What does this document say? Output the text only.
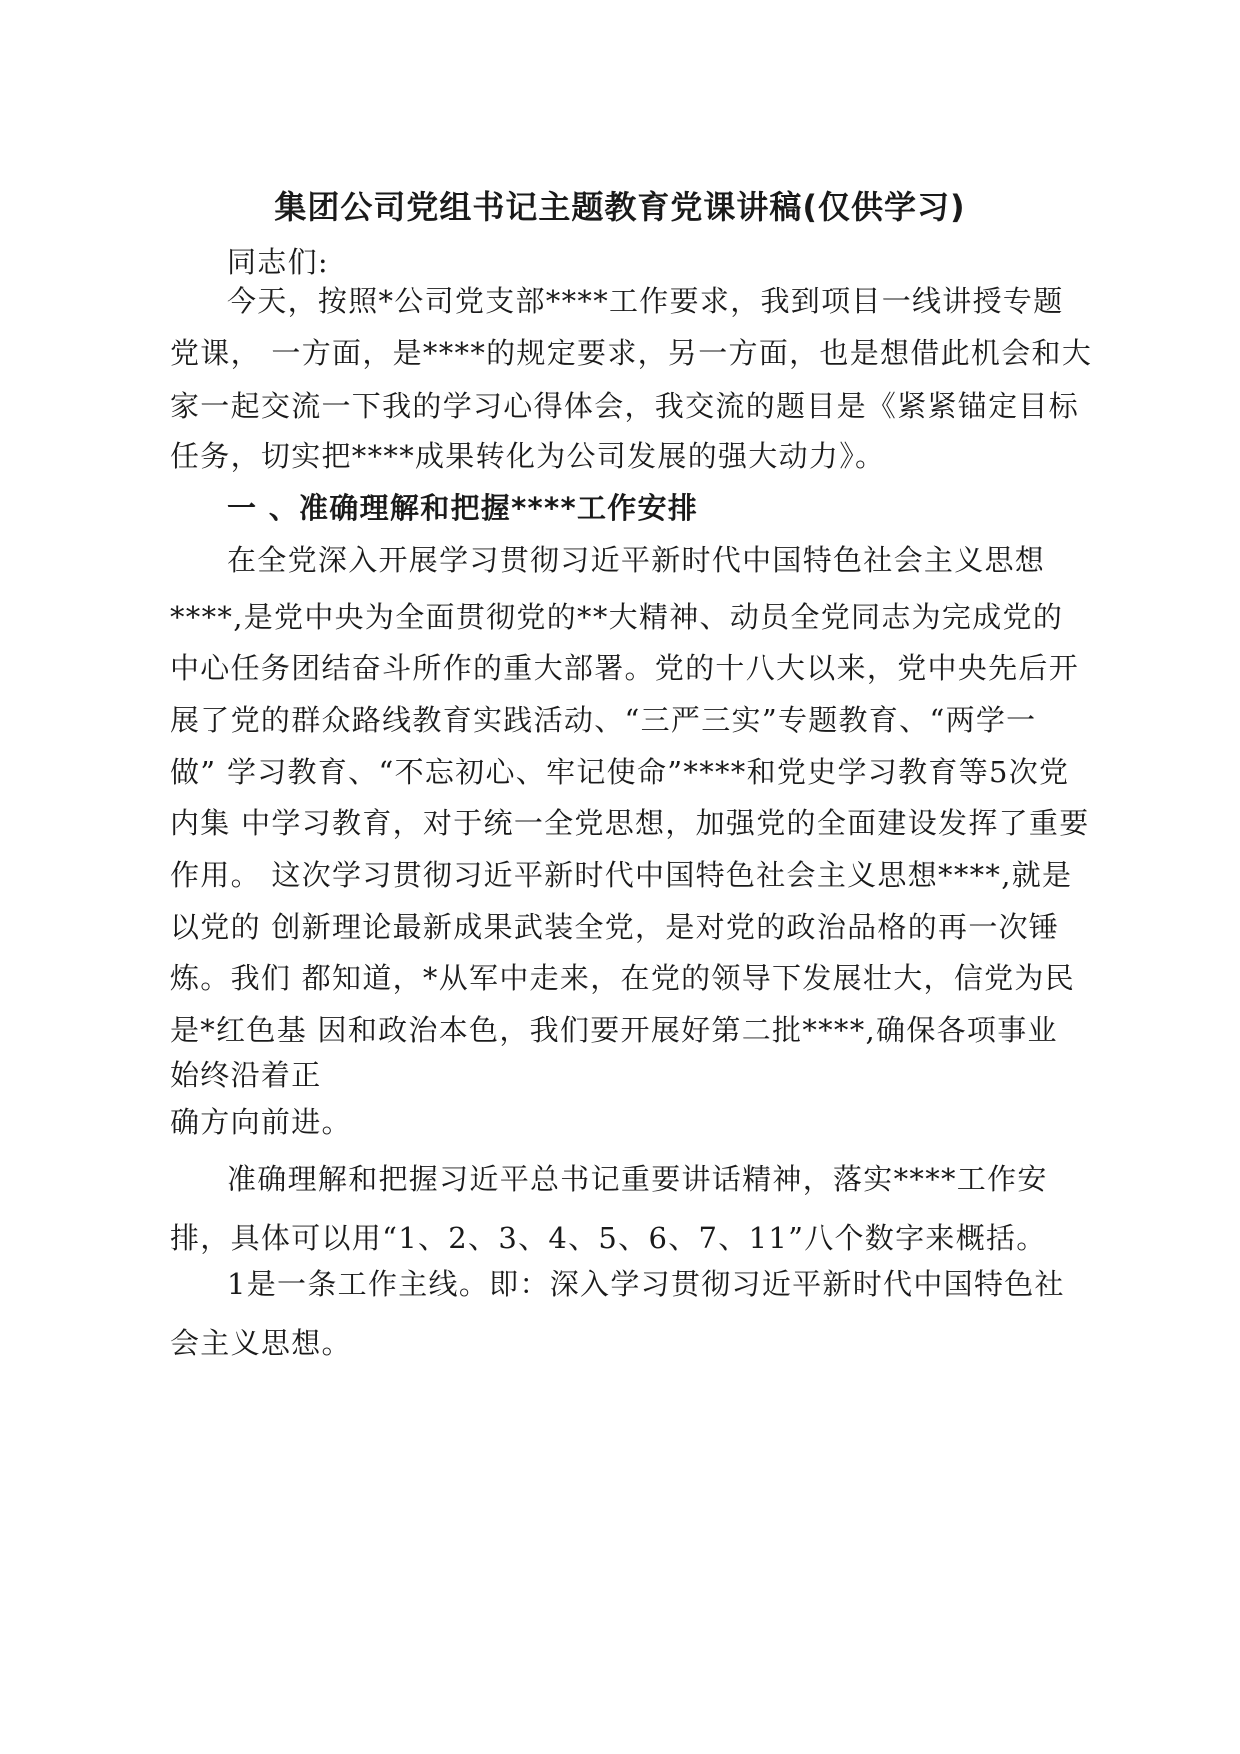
集团公司党组书记主题教育党课讲稿(仅供学习)
同志们:
今天，按照*公司党支部****工作要求，我到项目一线讲授专题
党课， 一方面，是****的规定要求，另一方面，也是想借此机会和大
家一起交流一下我的学习心得体会，我交流的题目是《紧紧锚定目标
任务，切实把****成果转化为公司发展的强大动力》。
一 、准确理解和把握****工作安排
在全党深入开展学习贯彻习近平新时代中国特色社会主义思想
****,是党中央为全面贯彻党的**大精神、动员全党同志为完成党的
中心任务团结奋斗所作的重大部署。党的十八大以来，党中央先后开
展了党的群众路线教育实践活动、“三严三实”专题教育、“两学一
做” 学习教育、“不忘初心、牢记使命”****和党史学习教育等5次党
内集 中学习教育，对于统一全党思想，加强党的全面建设发挥了重要
作用。 这次学习贯彻习近平新时代中国特色社会主义思想****,就是
以党的 创新理论最新成果武装全党，是对党的政治品格的再一次锤
炼。我们 都知道，*从军中走来，在党的领导下发展壮大，信党为民
是*红色基 因和政治本色，我们要开展好第二批****,确保各项事业
始终沿着正
确方向前进。
准确理解和把握习近平总书记重要讲话精神，落实****工作安
排，具体可以用“1、2、3、4、5、6、7、11”八个数字来概括。
1是一条工作主线。即：深入学习贯彻习近平新时代中国特色社
会主义思想。
